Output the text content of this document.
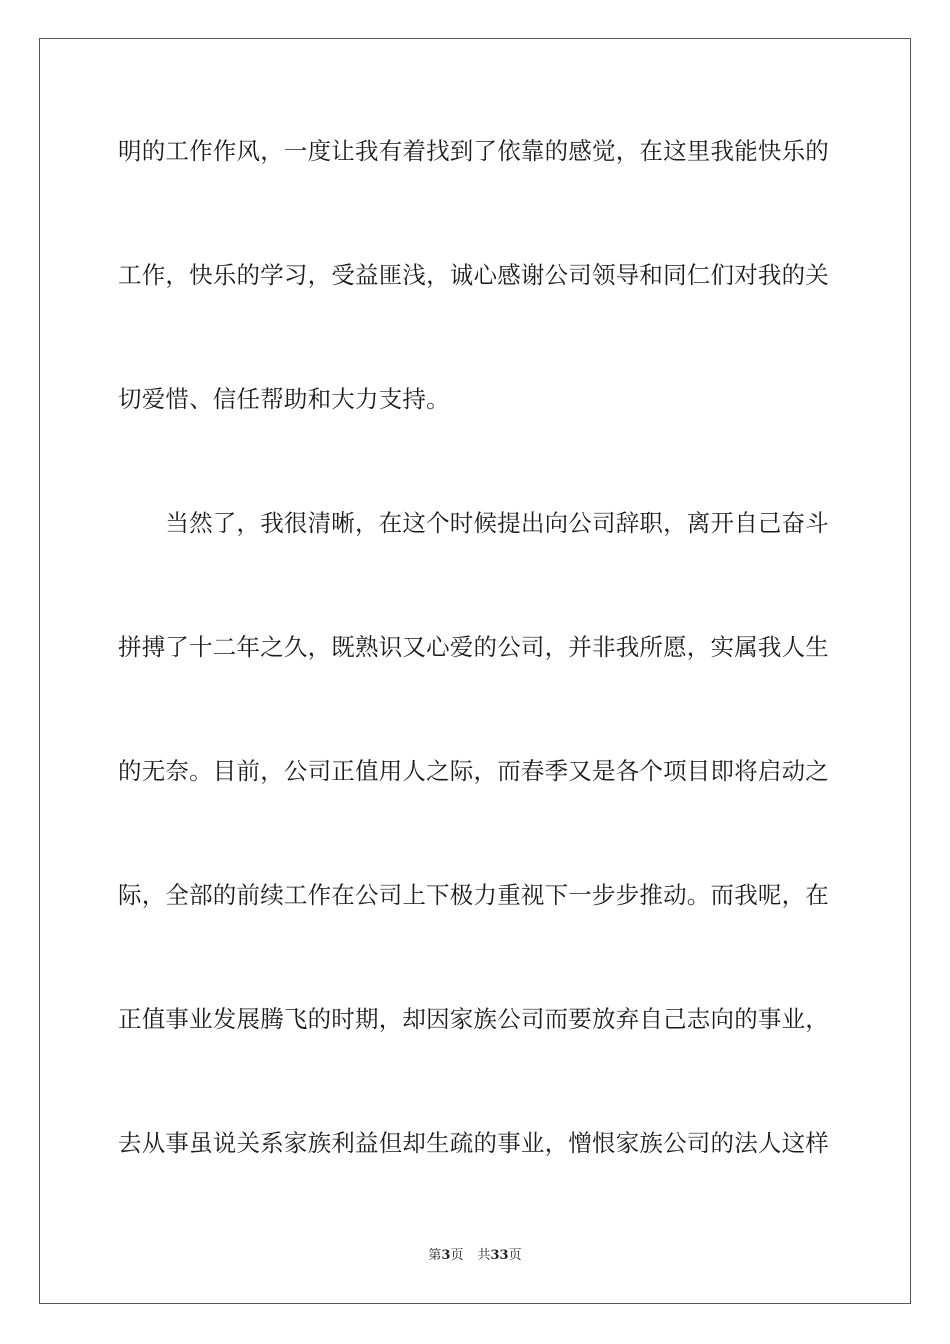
明的工作作风，一度让我有着找到了依靠的感觉，在这里我能快乐的
工作，快乐的学习，受益匪浅，诚心感谢公司领导和同仁们对我的关
切爱惜、信任帮助和大力支持。
　　当然了，我很清晰，在这个时候提出向公司辞职，离开自己奋斗
拼搏了十二年之久，既熟识又心爱的公司，并非我所愿，实属我人生
的无奈。目前，公司正值用人之际，而春季又是各个项目即将启动之
际，全部的前续工作在公司上下极力重视下一步步推动。而我呢，在
正值事业发展腾飞的时期，却因家族公司而要放弃自己志向的事业，
去从事虽说关系家族利益但却生疏的事业，憎恨家族公司的法人这样
第3页 共33页
